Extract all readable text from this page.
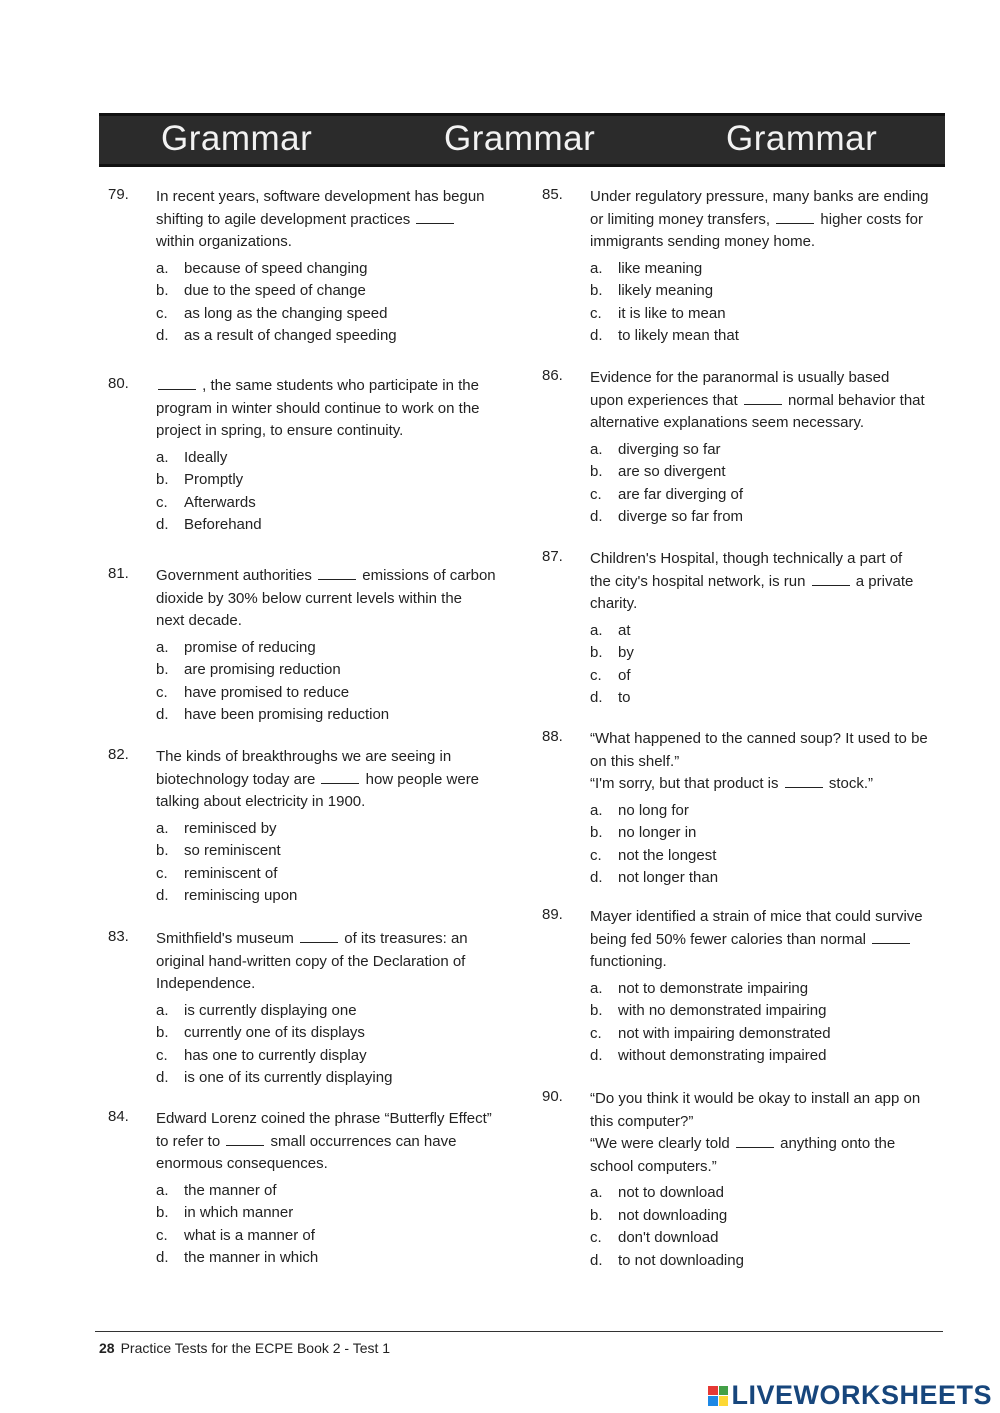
Grammar	Grammar	Grammar
79. In recent years, software development has begun
shifting to agile development practices
within organizations.
a. because of speed changing
b. due to the speed of change
c. as long as the changing speed
d. as a result of changed speeding
80.	, the same students who participate in the
program in winter should continue to work on the
project in spring, to ensure continuity.
a. Ideally
b. Promptly
c. Afterwards
d. Beforehand
81. Government authorities	emissions of carbon
dioxide by 30% below current levels within the
next decade.
a. promise of reducing
b. are promising reduction
c. have promised to reduce
d. have been promising reduction
82. The kinds of breakthroughs we are seeing in
biotechnology today are	how people were
talking about electricity in 1900.
a. reminisced by
b. so reminiscent
c. reminiscent of
d. reminiscing upon
83. Smithfield's museum	of its treasures: an
original hand-written copy of the Declaration of
Independence.
a. is currently displaying one
b. currently one of its displays
c. has one to currently display
d. is one of its currently displaying
84. Edward Lorenz coined the phrase “Butterfly Effect”
to refer to	small occurrences can have
enormous consequences.
a. the manner of
b. in which manner
c. what is a manner of
d. the manner in which
85. Under regulatory pressure, many banks are ending
or limiting money transfers,	higher costs for
immigrants sending money home.
a. like meaning
b. likely meaning
c. it is like to mean
d. to likely mean that
86. Evidence for the paranormal is usually based
upon experiences that	normal behavior that
alternative explanations seem necessary.
a. diverging so far
b. are so divergent
c. are far diverging of
d. diverge so far from
87. Children's Hospital, though technically a part of
the city's hospital network, is run	a private
charity.
a. at
b. by
c. of
d. to
88. “What happened to the canned soup? It used to be
on this shelf.”
“I'm sorry, but that product is	stock.”
a. no long for
b. no longer in
c. not the longest
d. not longer than
89. Mayer identified a strain of mice that could survive
being fed 50% fewer calories than normal
functioning.
a. not to demonstrate impairing
b. with no demonstrated impairing
c. not with impairing demonstrated
d. without demonstrating impaired
90. “Do you think it would be okay to install an app on
this computer?”
“We were clearly told	anything onto the
school computers.”
a. not to download
b. not downloading
c. don't download
d. to not downloading
28 Practice Tests for the ECPE Book 2 - Test 1
LIVEWORKSHEETS
